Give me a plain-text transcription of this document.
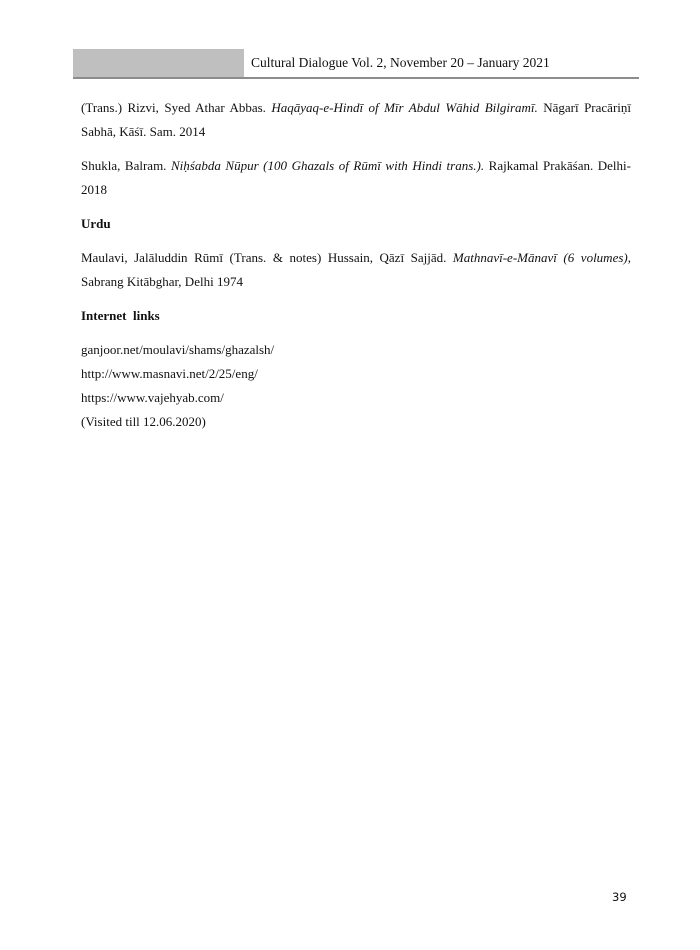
Cultural Dialogue Vol. 2, November 20 – January 2021

(Trans.) Rizvi, Syed Athar Abbas. Haqāyaq-e-Hindī of Mīr Abdul Wāhid Bilgiramī. Nāgarī Pracāriṇī Sabhā, Kāśī. Sam. 2014

Shukla, Balram. Niḥśabda Nūpur (100 Ghazals of Rūmī with Hindi trans.). Rajkamal Prakāśan. Delhi-2018

Urdu

Maulavi, Jalāluddin Rūmī (Trans. & notes) Hussain, Qāzī Sajjād. Mathnavī-e-Mānavī (6 volumes), Sabrang Kitābghar, Delhi 1974

Internet  links

ganjoor.net/moulavi/shams/ghazalsh/

http://www.masnavi.net/2/25/eng/

https://www.vajehyab.com/

(Visited till 12.06.2020)

39
